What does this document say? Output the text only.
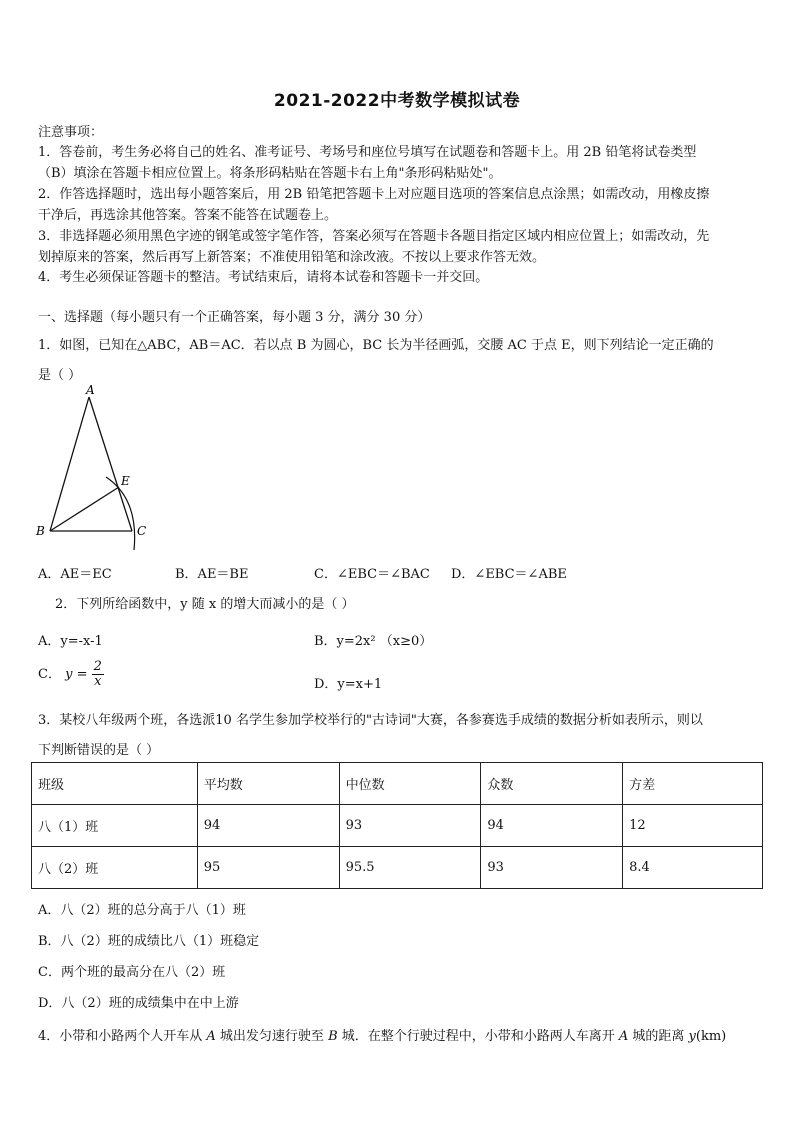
2021-2022中考数学模拟试卷
注意事项：
1．答卷前，考生务必将自己的姓名、准考证号、考场号和座位号填写在试题卷和答题卡上。用 2B 铅笔将试卷类型
（B）填涂在答题卡相应位置上。将条形码粘贴在答题卡右上角"条形码粘贴处"。
2．作答选择题时，选出每小题答案后，用 2B 铅笔把答题卡上对应题目选项的答案信息点涂黑；如需改动，用橡皮擦
干净后，再选涂其他答案。答案不能答在试题卷上。
3．非选择题必须用黑色字迹的钢笔或签字笔作答，答案必须写在答题卡各题目指定区域内相应位置上；如需改动，先
划掉原来的答案，然后再写上新答案；不准使用铅笔和涂改液。不按以上要求作答无效。
4．考生必须保证答题卡的整洁。考试结束后，请将本试卷和答题卡一并交回。
一、选择题（每小题只有一个正确答案，每小题 3 分，满分 30 分）
1．如图，已知在△ABC，AB＝AC．若以点 B 为圆心，BC 长为半径画弧，交腰 AC 于点 E，则下列结论一定正确的
是（ ）
A
B	C
E
A．AE＝EC	B．AE＝BE	C．∠EBC＝∠BAC D．∠EBC＝∠ABE
2．下列所给函数中，y 随 x 的增大而减小的是（ ）
A．y=-x-1	B．y=2x² （x≥0）
C． $y = \frac{2}{x}$	D．y=x+1
3．某校八年级两个班，各选派10 名学生参加学校举行的"古诗词"大赛，各参赛选手成绩的数据分析如表所示，则以
下判断错误的是（ ）
班级	平均数	中位数	众数	方差
八（1）班	94	93	94	12
八（2）班	95	95.5	93	8.4
A．八（2）班的总分高于八（1）班
B．八（2）班的成绩比八（1）班稳定
C．两个班的最高分在八（2）班
D．八（2）班的成绩集中在中上游
4．小带和小路两个人开车从 A 城出发匀速行驶至 B 城．在整个行驶过程中，小带和小路两人车离开 A 城的距离 y(km)
